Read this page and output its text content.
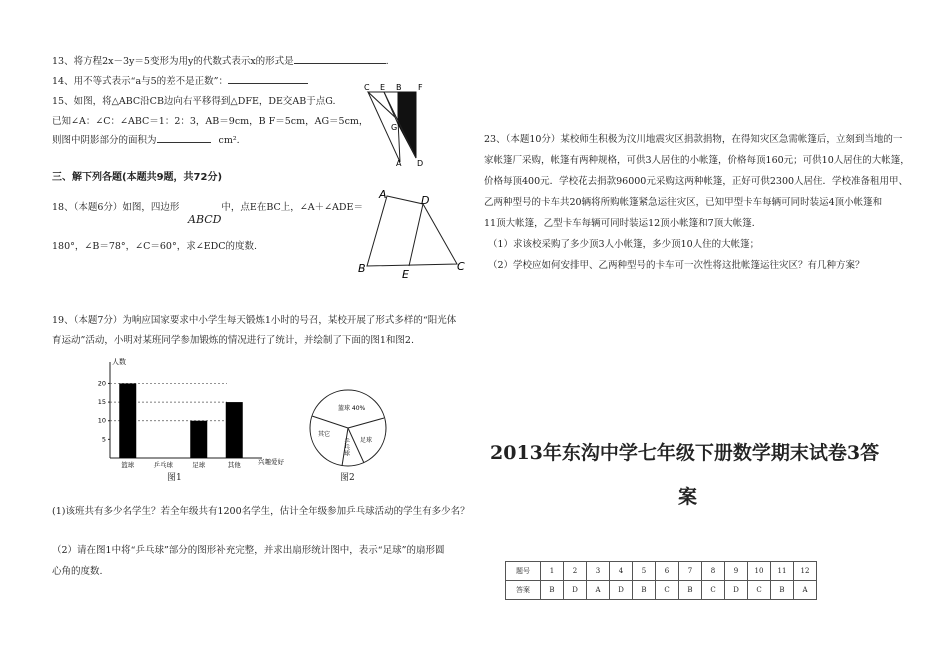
13、将方程2x－3y＝5变形为用y的代数式表示x的形式是	.
14、用不等式表示“a与5的差不是正数”：
15、如图，将△ABC沿CB边向右平移得到△DFE，DE交AB于点G.
已知∠A：∠C：∠ABC＝1：2：3，AB＝9cm，B F＝5cm，AG＝5cm，
则图中阴影部分的面积为	cm².
C E B F
G
A D
三、解下列各题(本题共9题，共72分)
18、（本题6分）如图，四边形	中，点E在BC上，∠A＋∠ADE＝
ABCD
180°，∠B＝78°，∠C＝60°，求∠EDC的度数.
A	D
B	E
C
19、（本题7分）为响应国家要求中小学生每天锻炼1小时的号召，某校开展了形式多样的“阳光体
育运动”活动，小明对某班同学参加锻炼的情况进行了统计，并绘制了下面的图1和图2.
人数
兴趣爱好
5
10
15
20
篮球	乒乓球	足球	其他
图1
篮球 40%
其它
足球
乒乓球
图2
(1)该班共有多少名学生？若全年级共有1200名学生，估计全年级参加乒乓球活动的学生有多少名？
（2）请在图1中将“乒乓球”部分的图形补充完整，并求出扇形统计图中，表示“足球”的扇形圆
心角的度数.
23、（本题10分）某校师生积极为汶川地震灾区捐款捐物，在得知灾区急需帐篷后，立刻到当地的一
家帐篷厂采购，帐篷有两种规格，可供3人居住的小帐篷，价格每顶160元；可供10人居住的大帐篷，
价格每顶400元．学校花去捐款96000元采购这两种帐篷，正好可供2300人居住．学校准备租用甲、
乙两种型号的卡车共20辆将所购帐篷紧急运往灾区，已知甲型卡车每辆可同时装运4顶小帐篷和
11顶大帐篷，乙型卡车每辆可同时装运12顶小帐篷和7顶大帐篷．
（1）求该校采购了多少顶3人小帐篷，多少顶10人住的大帐篷；
（2）学校应如何安排甲、乙两种型号的卡车可一次性将这批帐篷运往灾区？有几种方案？
2013年东沟中学七年级下册数学期末试卷3答
案
题号	1	2	3	4	5	6	7	8	9	10	11	12
答案	B	D	A	D	B	C	B	C	D	C	B	A
